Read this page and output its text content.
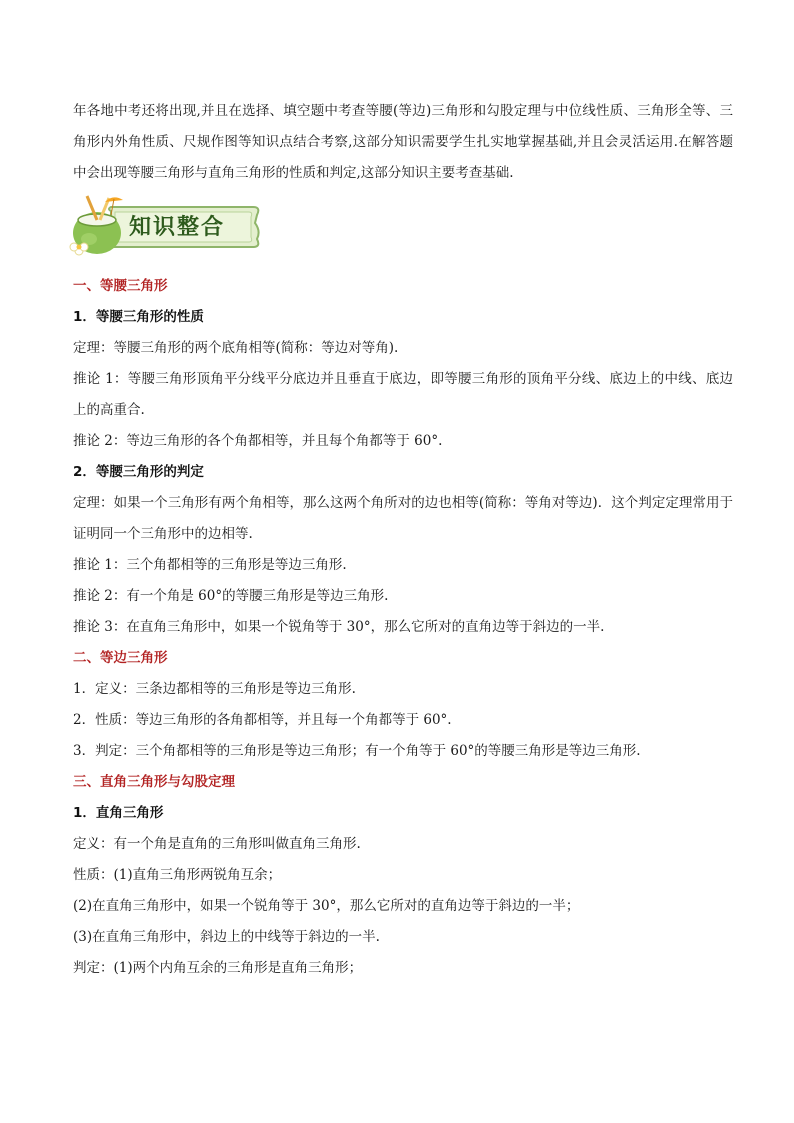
年各地中考还将出现,并且在选择、填空题中考查等腰(等边)三角形和勾股定理与中位线性质、三角形全等、三角形内外角性质、尺规作图等知识点结合考察,这部分知识需要学生扎实地掌握基础,并且会灵活运用.在解答题中会出现等腰三角形与直角三角形的性质和判定,这部分知识主要考查基础.

知识整合

一、等腰三角形

1．等腰三角形的性质

定理：等腰三角形的两个底角相等(简称：等边对等角).

推论 1：等腰三角形顶角平分线平分底边并且垂直于底边，即等腰三角形的顶角平分线、底边上的中线、底边上的高重合.

推论 2：等边三角形的各个角都相等，并且每个角都等于 60°.

2．等腰三角形的判定

定理：如果一个三角形有两个角相等，那么这两个角所对的边也相等(简称：等角对等边)．这个判定定理常用于证明同一个三角形中的边相等.

推论 1：三个角都相等的三角形是等边三角形.

推论 2：有一个角是 60°的等腰三角形是等边三角形.

推论 3：在直角三角形中，如果一个锐角等于 30°，那么它所对的直角边等于斜边的一半.

二、等边三角形

1．定义：三条边都相等的三角形是等边三角形.

2．性质：等边三角形的各角都相等，并且每一个角都等于 60°.

3．判定：三个角都相等的三角形是等边三角形；有一个角等于 60°的等腰三角形是等边三角形.

三、直角三角形与勾股定理

1．直角三角形

定义：有一个角是直角的三角形叫做直角三角形.

性质：(1)直角三角形两锐角互余；

(2)在直角三角形中，如果一个锐角等于 30°，那么它所对的直角边等于斜边的一半；

(3)在直角三角形中，斜边上的中线等于斜边的一半.

判定：(1)两个内角互余的三角形是直角三角形；
